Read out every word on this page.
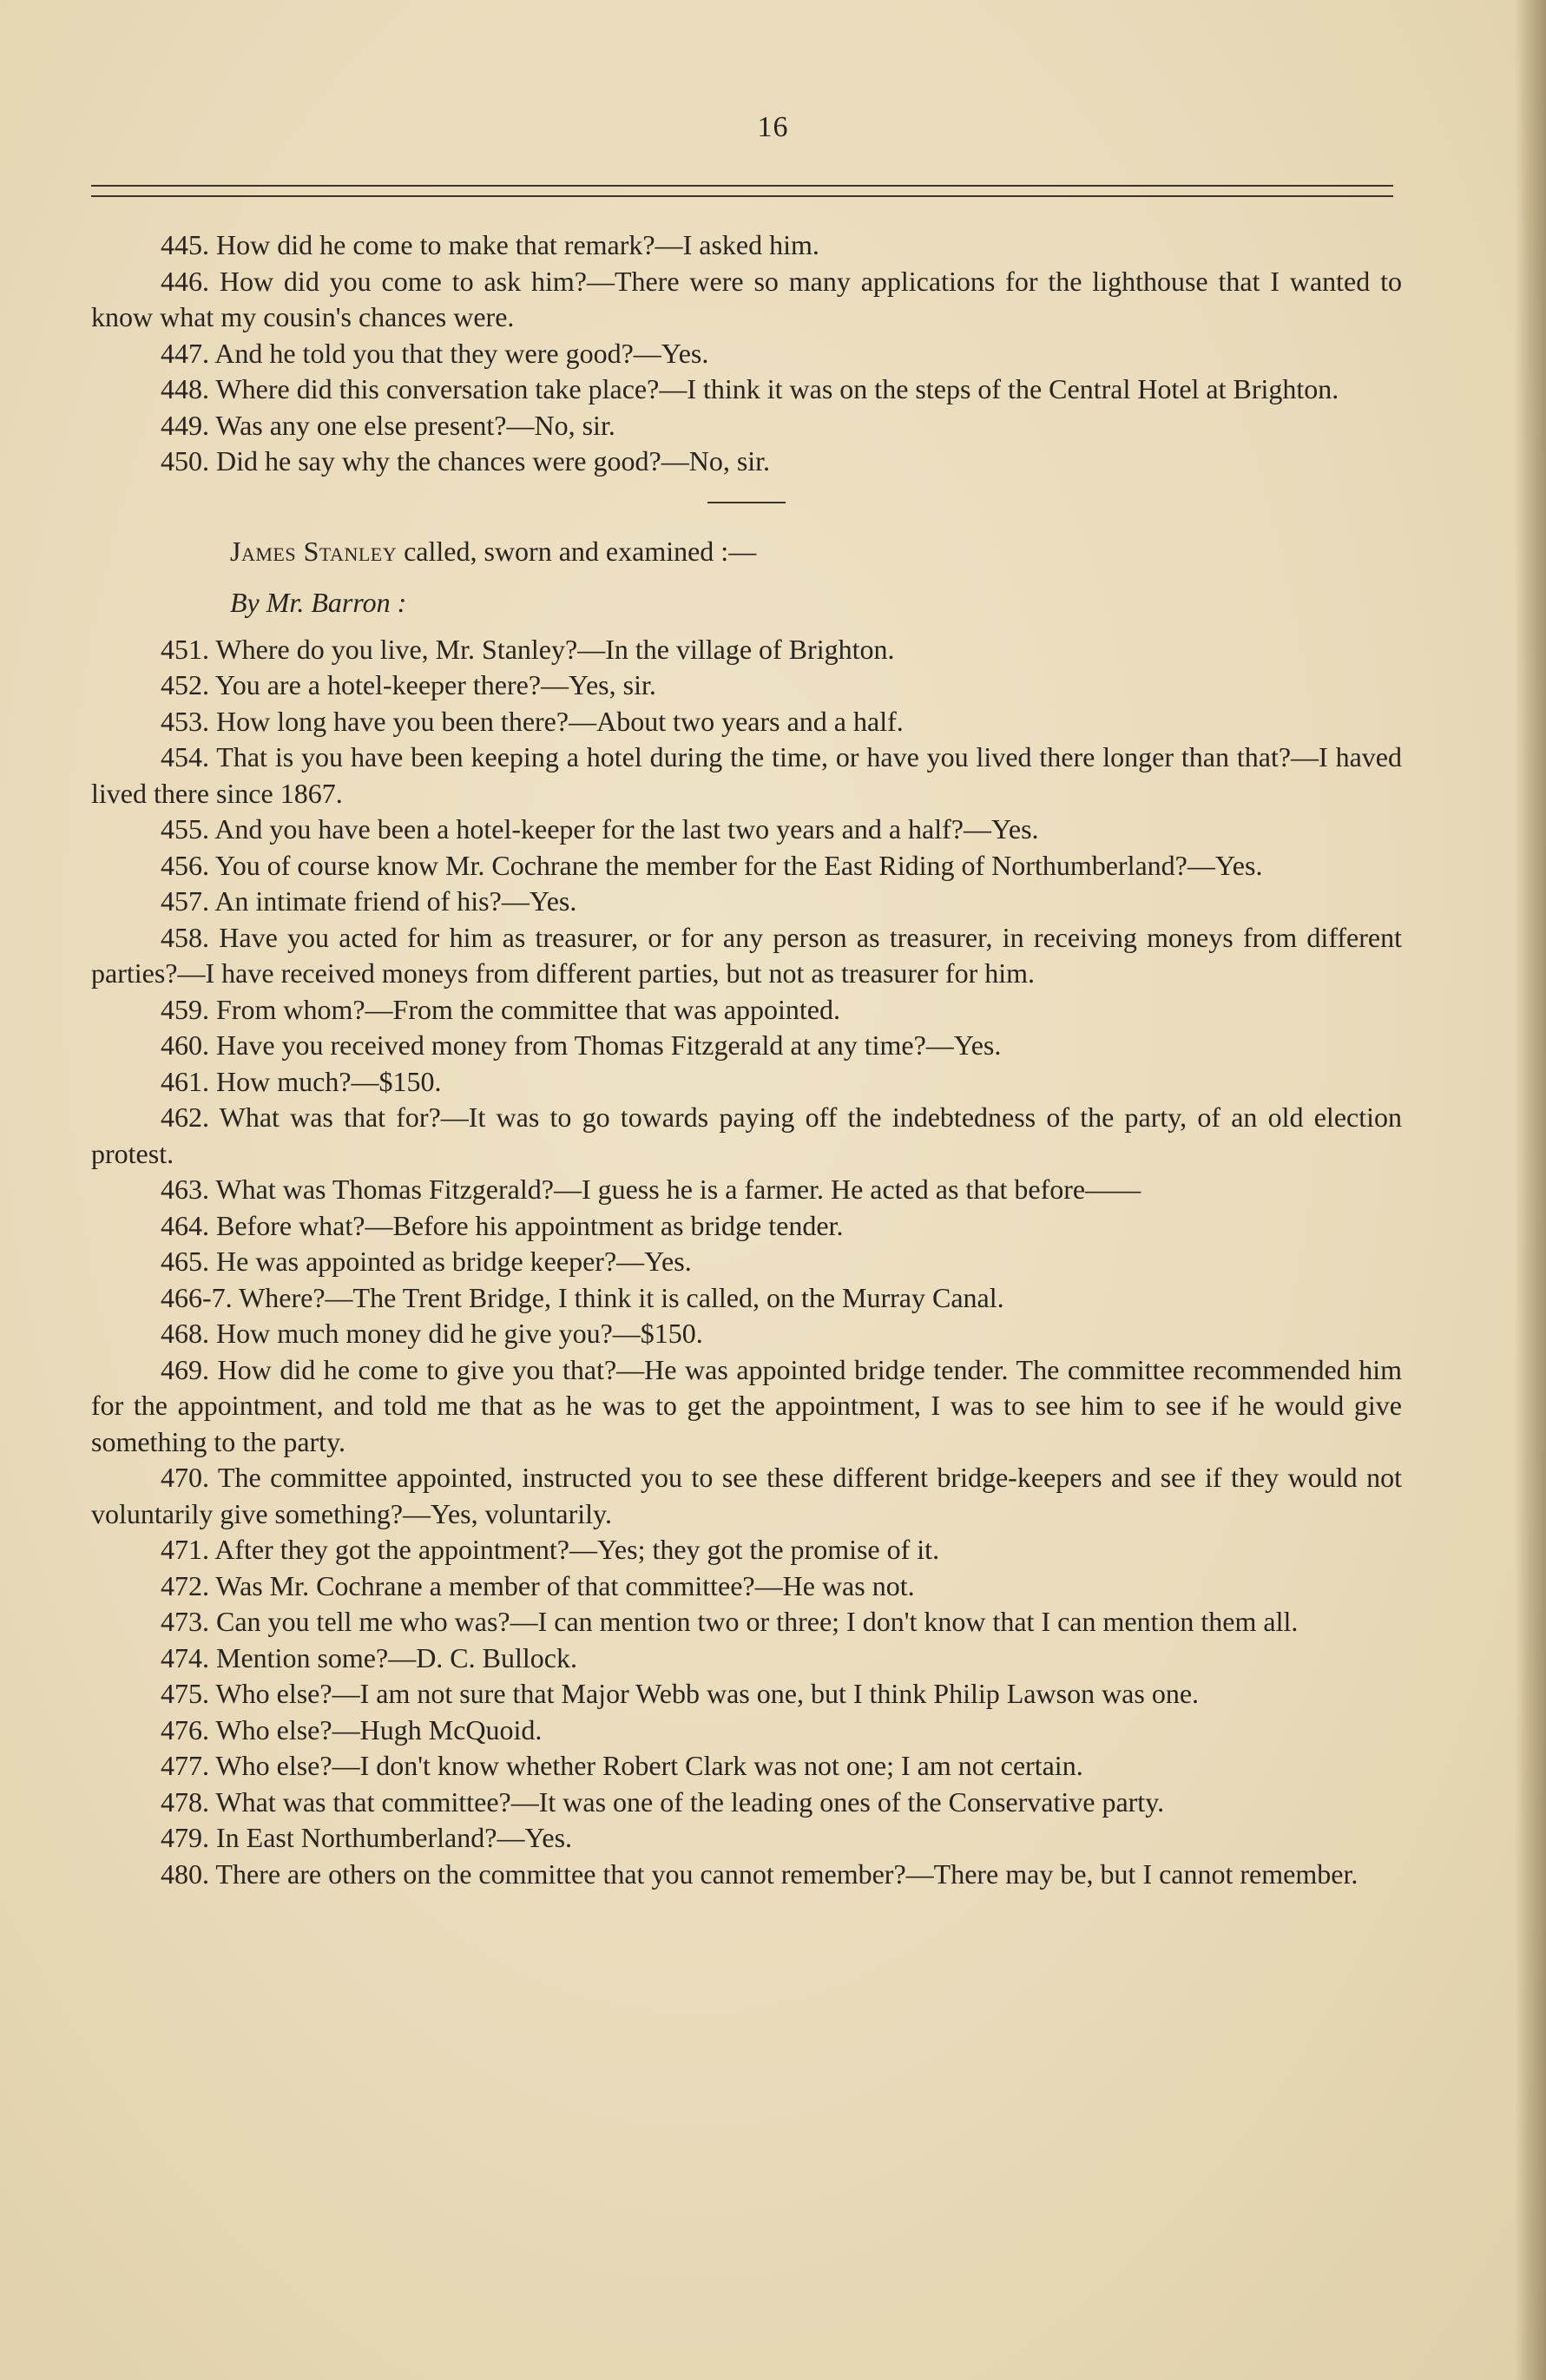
16

445. How did he come to make that remark?—I asked him.

446. How did you come to ask him?—There were so many applications for the lighthouse that I wanted to know what my cousin's chances were.

447. And he told you that they were good?—Yes.

448. Where did this conversation take place?—I think it was on the steps of the Central Hotel at Brighton.

449. Was any one else present?—No, sir.

450. Did he say why the chances were good?—No, sir.

James Stanley called, sworn and examined :—

By Mr. Barron :

451. Where do you live, Mr. Stanley?—In the village of Brighton.

452. You are a hotel-keeper there?—Yes, sir.

453. How long have you been there?—About two years and a half.

454. That is you have been keeping a hotel during the time, or have you lived there longer than that?—I haved lived there since 1867.

455. And you have been a hotel-keeper for the last two years and a half?—Yes.

456. You of course know Mr. Cochrane the member for the East Riding of Northumberland?—Yes.

457. An intimate friend of his?—Yes.

458. Have you acted for him as treasurer, or for any person as treasurer, in receiving moneys from different parties?—I have received moneys from different parties, but not as treasurer for him.

459. From whom?—From the committee that was appointed.

460. Have you received money from Thomas Fitzgerald at any time?—Yes.

461. How much?—$150.

462. What was that for?—It was to go towards paying off the indebtedness of the party, of an old election protest.

463. What was Thomas Fitzgerald?—I guess he is a farmer. He acted as that before——

464. Before what?—Before his appointment as bridge tender.

465. He was appointed as bridge keeper?—Yes.

466-7. Where?—The Trent Bridge, I think it is called, on the Murray Canal.

468. How much money did he give you?—$150.

469. How did he come to give you that?—He was appointed bridge tender. The committee recommended him for the appointment, and told me that as he was to get the appointment, I was to see him to see if he would give something to the party.

470. The committee appointed, instructed you to see these different bridge-keepers and see if they would not voluntarily give something?—Yes, voluntarily.

471. After they got the appointment?—Yes; they got the promise of it.

472. Was Mr. Cochrane a member of that committee?—He was not.

473. Can you tell me who was?—I can mention two or three; I don't know that I can mention them all.

474. Mention some?—D. C. Bullock.

475. Who else?—I am not sure that Major Webb was one, but I think Philip Lawson was one.

476. Who else?—Hugh McQuoid.

477. Who else?—I don't know whether Robert Clark was not one; I am not certain.

478. What was that committee?—It was one of the leading ones of the Conservative party.

479. In East Northumberland?—Yes.

480. There are others on the committee that you cannot remember?—There may be, but I cannot remember.
